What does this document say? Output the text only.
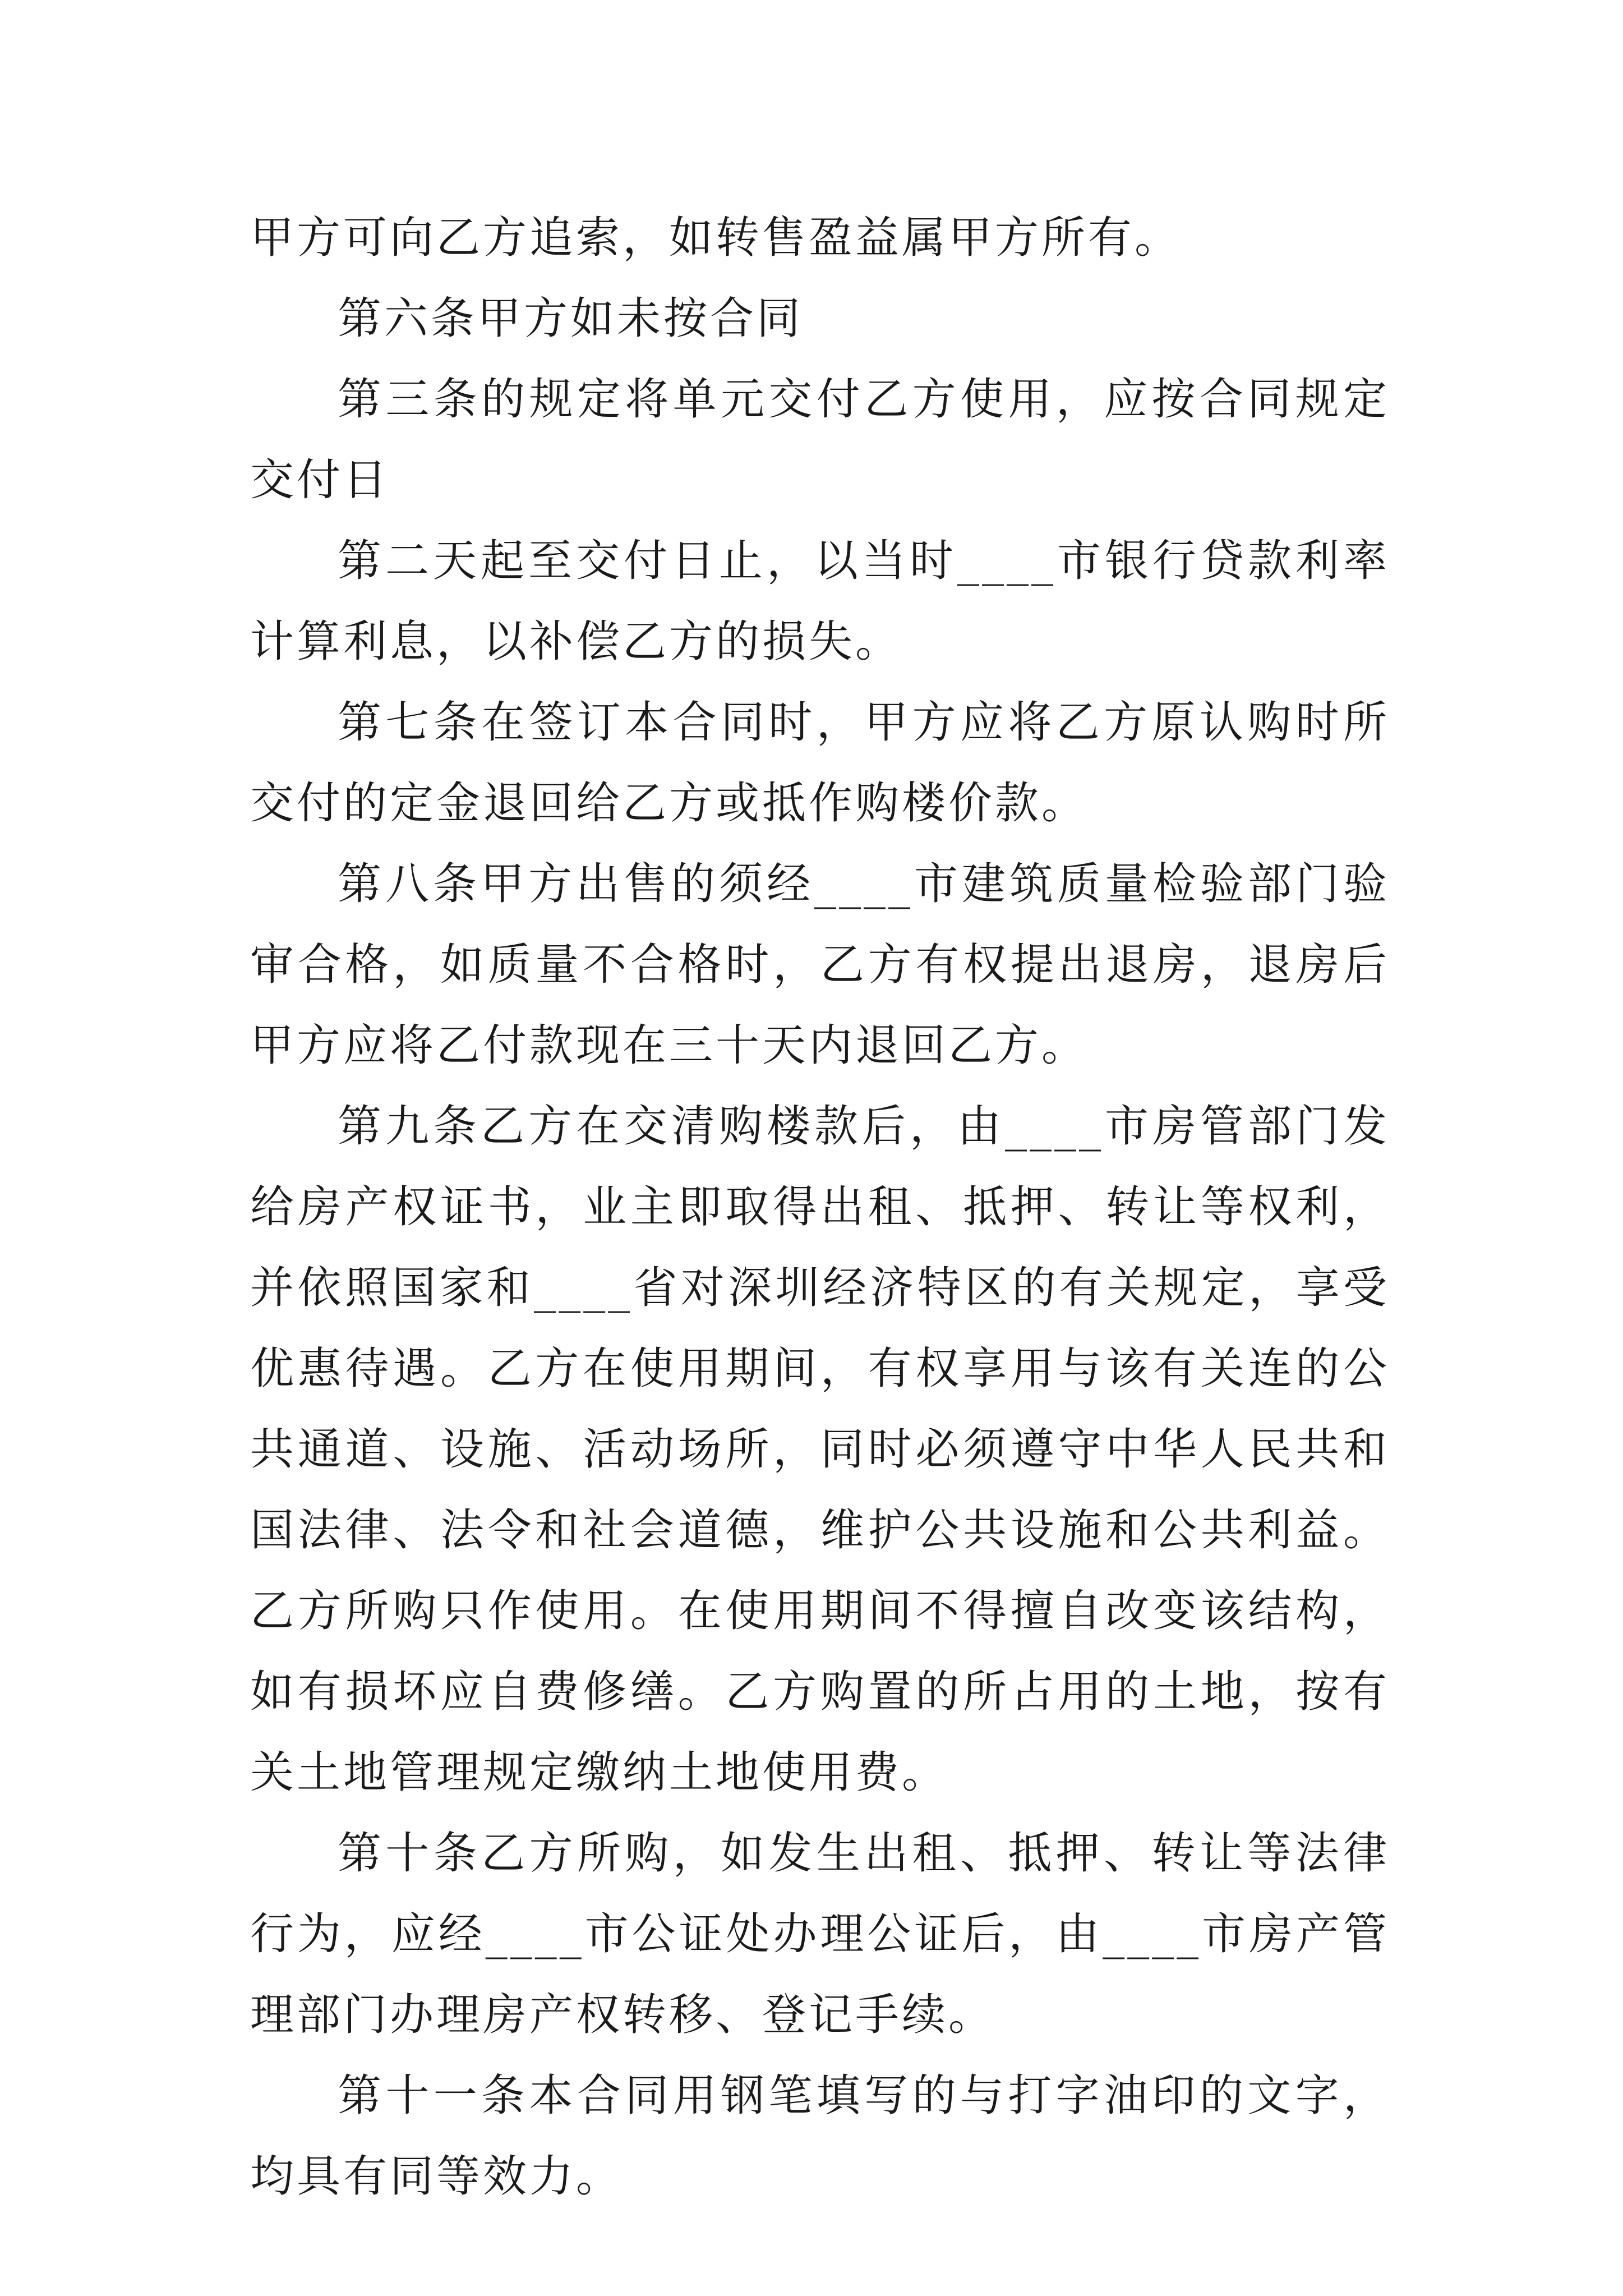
甲方可向乙方追索，如转售盈益属甲方所有。

第六条甲方如未按合同

第三条的规定将单元交付乙方使用，应按合同规定交付日

第二天起至交付日止，以当时____市银行贷款利率计算利息，以补偿乙方的损失。

第七条在签订本合同时，甲方应将乙方原认购时所交付的定金退回给乙方或抵作购楼价款。

第八条甲方出售的须经____市建筑质量检验部门验审合格，如质量不合格时，乙方有权提出退房，退房后甲方应将乙付款现在三十天内退回乙方。

第九条乙方在交清购楼款后，由____市房管部门发给房产权证书，业主即取得出租、抵押、转让等权利，并依照国家和____省对深圳经济特区的有关规定，享受优惠待遇。乙方在使用期间，有权享用与该有关连的公共通道、设施、活动场所，同时必须遵守中华人民共和国法律、法令和社会道德，维护公共设施和公共利益。乙方所购只作使用。在使用期间不得擅自改变该结构，如有损坏应自费修缮。乙方购置的所占用的土地，按有关土地管理规定缴纳土地使用费。

第十条乙方所购，如发生出租、抵押、转让等法律行为，应经____市公证处办理公证后，由____市房产管理部门办理房产权转移、登记手续。

第十一条本合同用钢笔填写的与打字油印的文字，均具有同等效力。
